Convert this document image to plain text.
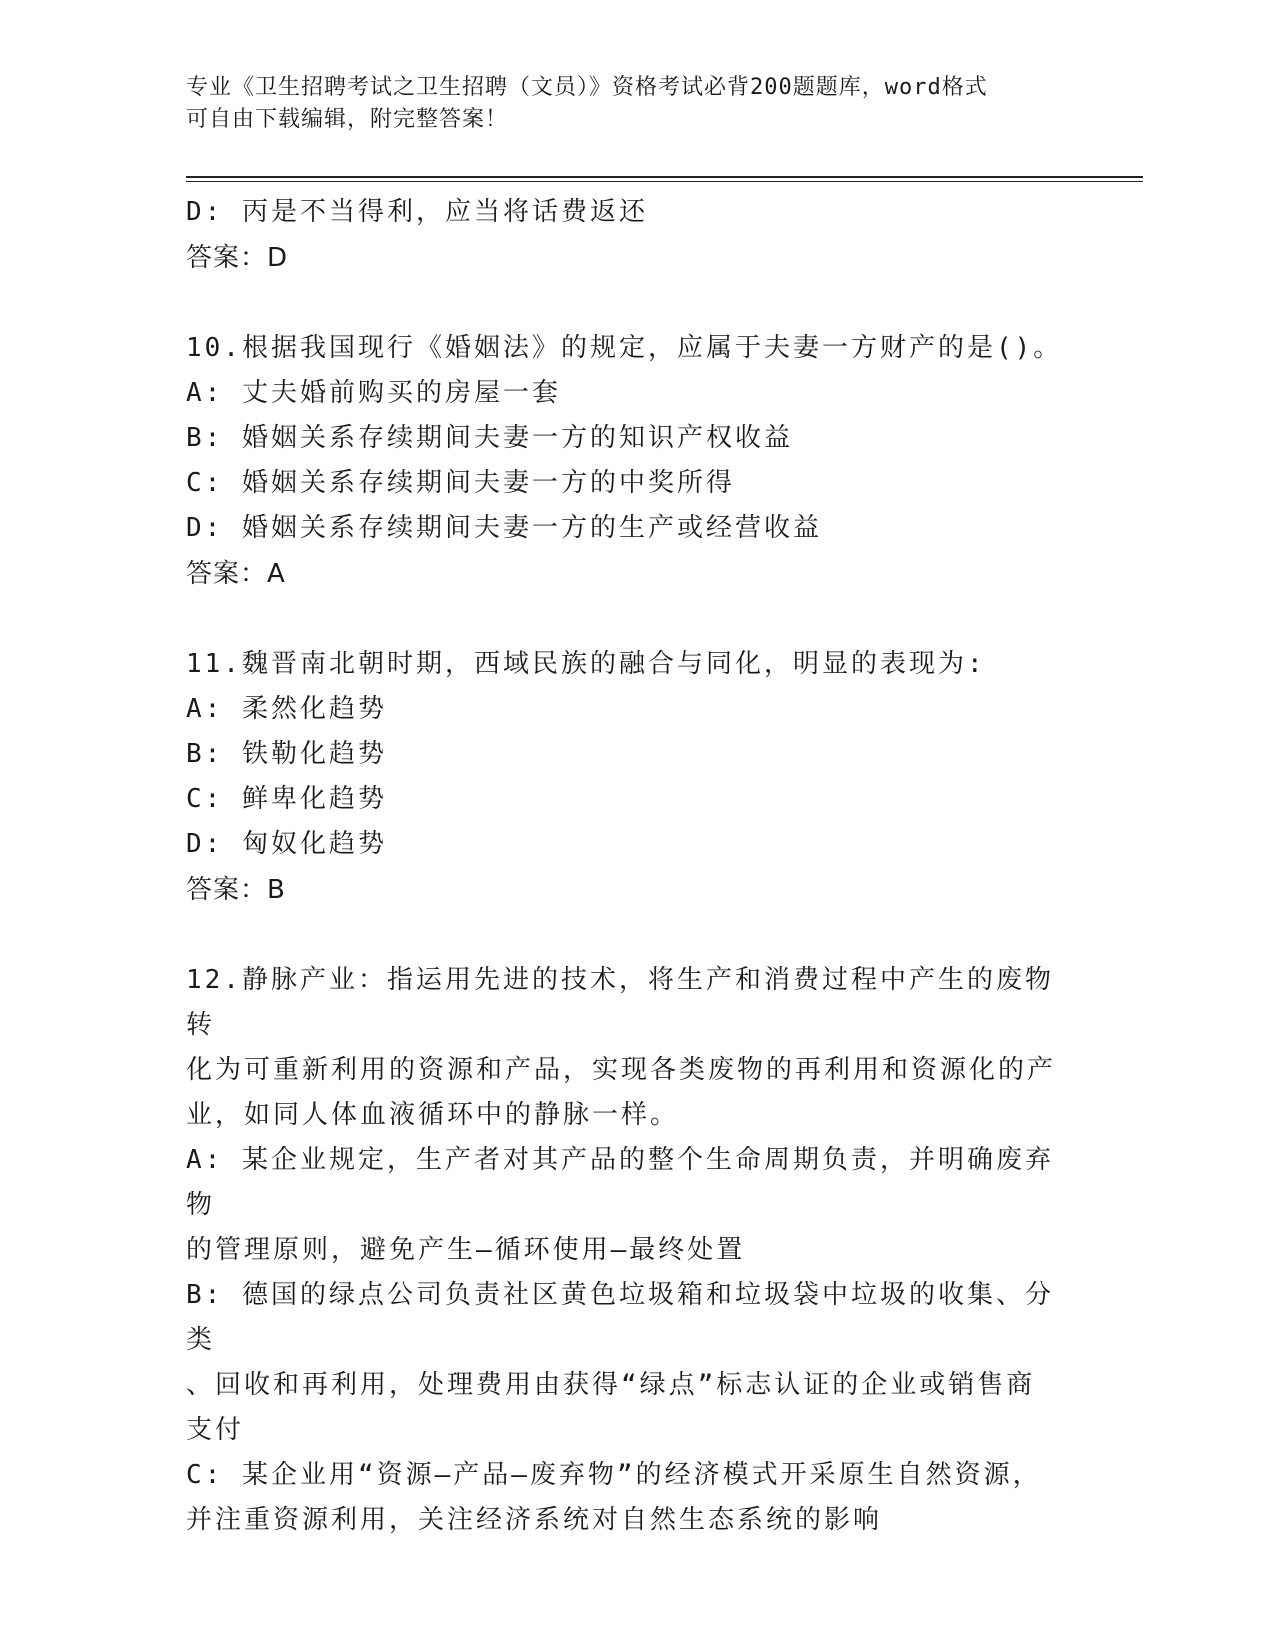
专业《卫生招聘考试之卫生招聘（文员）》资格考试必背200题题库，word格式
可自由下载编辑，附完整答案！
D: 丙是不当得利，应当将话费返还
答案：D
10.根据我国现行《婚姻法》的规定，应属于夫妻一方财产的是()。
A: 丈夫婚前购买的房屋一套
B: 婚姻关系存续期间夫妻一方的知识产权收益
C: 婚姻关系存续期间夫妻一方的中奖所得
D: 婚姻关系存续期间夫妻一方的生产或经营收益
答案：A
11.魏晋南北朝时期，西域民族的融合与同化，明显的表现为:
A: 柔然化趋势
B: 铁勒化趋势
C: 鲜卑化趋势
D: 匈奴化趋势
答案：B
12.静脉产业：指运用先进的技术，将生产和消费过程中产生的废物转
化为可重新利用的资源和产品，实现各类废物的再利用和资源化的产
业，如同人体血液循环中的静脉一样。
A: 某企业规定，生产者对其产品的整个生命周期负责，并明确废弃物
的管理原则，避免产生—循环使用—最终处置
B: 德国的绿点公司负责社区黄色垃圾箱和垃圾袋中垃圾的收集、分类
、回收和再利用，处理费用由获得“绿点”标志认证的企业或销售商
支付
C: 某企业用“资源—产品—废弃物”的经济模式开采原生自然资源，
并注重资源利用，关注经济系统对自然生态系统的影响
